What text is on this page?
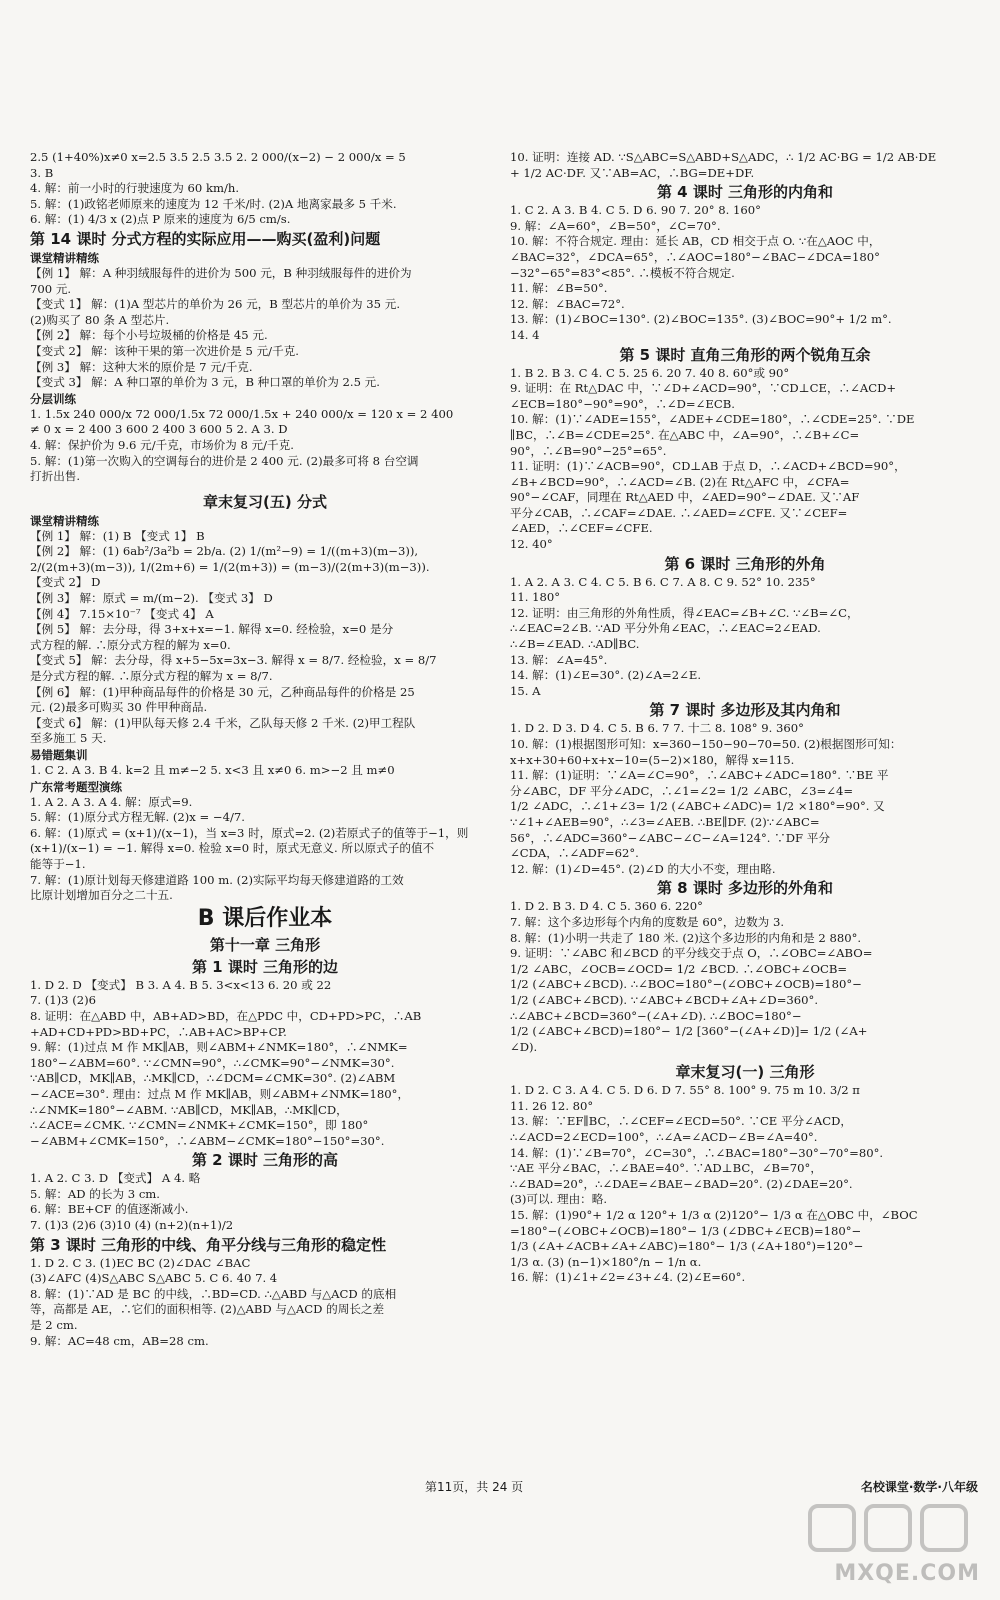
2.5 (1+40%)x≠0 x=2.5 3.5 2.5 3.5 2. 2 000/(x−2) − 2 000/x = 5
3. B
4. 解：前一小时的行驶速度为 60 km/h.
5. 解：(1)政铭老师原来的速度为 12 千米/时. (2)A 地离家最多 5 千米.
6. 解：(1) 4/3 x (2)点 P 原来的速度为 6/5 cm/s.
第 14 课时 分式方程的实际应用——购买(盈利)问题
课堂精讲精练
【例 1】 解：A 种羽绒服每件的进价为 500 元，B 种羽绒服每件的进价为
700 元.
【变式 1】 解：(1)A 型芯片的单价为 26 元，B 型芯片的单价为 35 元.
(2)购买了 80 条 A 型芯片.
【例 2】 解：每个小号垃圾桶的价格是 45 元.
【变式 2】 解：该种干果的第一次进价是 5 元/千克.
【例 3】 解：这种大米的原价是 7 元/千克.
【变式 3】 解：A 种口罩的单价为 3 元，B 种口罩的单价为 2.5 元.
分层训练
1. 1.5x 240 000/x 72 000/1.5x 72 000/1.5x + 240 000/x = 120 x = 2 400
≠ 0 x = 2 400 3 600 2 400 3 600 5 2. A 3. D
4. 解：保护价为 9.6 元/千克，市场价为 8 元/千克.
5. 解：(1)第一次购入的空调每台的进价是 2 400 元. (2)最多可将 8 台空调
打折出售.
章末复习(五) 分式
课堂精讲精练
【例 1】 解：(1) B 【变式 1】 B
【例 2】 解：(1) 6ab²/3a²b = 2b/a. (2) 1/(m²−9) = 1/((m+3)(m−3)),
2/(2(m+3)(m−3)), 1/(2m+6) = 1/(2(m+3)) = (m−3)/(2(m+3)(m−3)).
【变式 2】 D
【例 3】 解：原式 = m/(m−2). 【变式 3】 D
【例 4】 7.15×10⁻⁷ 【变式 4】 A
【例 5】 解：去分母，得 3+x+x=−1. 解得 x=0. 经检验，x=0 是分
式方程的解. ∴原分式方程的解为 x=0.
【变式 5】 解：去分母，得 x+5−5x=3x−3. 解得 x = 8/7. 经检验，x = 8/7
是分式方程的解. ∴原分式方程的解为 x = 8/7.
【例 6】 解：(1)甲种商品每件的价格是 30 元，乙种商品每件的价格是 25
元. (2)最多可购买 30 件甲种商品.
【变式 6】 解：(1)甲队每天修 2.4 千米，乙队每天修 2 千米. (2)甲工程队
至多施工 5 天.
易错题集训
1. C 2. A 3. B 4. k=2 且 m≠−2 5. x<3 且 x≠0 6. m>−2 且 m≠0
广东常考题型演练
1. A 2. A 3. A 4. 解：原式=9.
5. 解：(1)原分式方程无解. (2)x = −4/7.
6. 解：(1)原式 = (x+1)/(x−1)，当 x=3 时，原式=2. (2)若原式子的值等于−1，则
(x+1)/(x−1) = −1. 解得 x=0. 检验 x=0 时，原式无意义. 所以原式子的值不
能等于−1.
7. 解：(1)原计划每天修建道路 100 m. (2)实际平均每天修建道路的工效
比原计划增加百分之二十五.
B 课后作业本
第十一章 三角形
第 1 课时 三角形的边
1. D 2. D 【变式】 B 3. A 4. B 5. 3<x<13 6. 20 或 22
7. (1)3 (2)6
8. 证明：在△ABD 中，AB+AD>BD，在△PDC 中，CD+PD>PC，∴AB
+AD+CD+PD>BD+PC，∴AB+AC>BP+CP.
9. 解：(1)过点 M 作 MK∥AB，则∠ABM+∠NMK=180°，∴∠NMK=
180°−∠ABM=60°. ∵∠CMN=90°，∴∠CMK=90°−∠NMK=30°.
∵AB∥CD，MK∥AB，∴MK∥CD，∴∠DCM=∠CMK=30°. (2)∠ABM
−∠ACE=30°. 理由：过点 M 作 MK∥AB，则∠ABM+∠NMK=180°，
∴∠NMK=180°−∠ABM. ∵AB∥CD，MK∥AB，∴MK∥CD，
∴∠ACE=∠CMK. ∵∠CMN=∠NMK+∠CMK=150°，即 180°
−∠ABM+∠CMK=150°，∴∠ABM−∠CMK=180°−150°=30°.
第 2 课时 三角形的高
1. A 2. C 3. D 【变式】 A 4. 略
5. 解：AD 的长为 3 cm.
6. 解：BE+CF 的值逐渐减小.
7. (1)3 (2)6 (3)10 (4) (n+2)(n+1)/2
第 3 课时 三角形的中线、角平分线与三角形的稳定性
1. D 2. C 3. (1)EC BC (2)∠DAC ∠BAC
(3)∠AFC (4)S△ABC S△ABC 5. C 6. 40 7. 4
8. 解：(1)∵AD 是 BC 的中线，∴BD=CD. ∴△ABD 与△ACD 的底相
等，高都是 AE，∴它们的面积相等. (2)△ABD 与△ACD 的周长之差
是 2 cm.
9. 解：AC=48 cm，AB=28 cm.
10. 证明：连接 AD. ∵S△ABC=S△ABD+S△ADC，∴ 1/2 AC·BG = 1/2 AB·DE
+ 1/2 AC·DF. 又∵AB=AC，∴BG=DE+DF.
第 4 课时 三角形的内角和
1. C 2. A 3. B 4. C 5. D 6. 90 7. 20° 8. 160°
9. 解：∠A=60°，∠B=50°，∠C=70°.
10. 解：不符合规定. 理由：延长 AB，CD 相交于点 O. ∵在△AOC 中，
∠BAC=32°，∠DCA=65°，∴∠AOC=180°−∠BAC−∠DCA=180°
−32°−65°=83°<85°. ∴模板不符合规定.
11. 解：∠B=50°.
12. 解：∠BAC=72°.
13. 解：(1)∠BOC=130°. (2)∠BOC=135°. (3)∠BOC=90°+ 1/2 m°.
14. 4
第 5 课时 直角三角形的两个锐角互余
1. B 2. B 3. C 4. C 5. 25 6. 20 7. 40 8. 60°或 90°
9. 证明：在 Rt△DAC 中，∵∠D+∠ACD=90°，∵CD⊥CE，∴∠ACD+
∠ECB=180°−90°=90°，∴∠D=∠ECB.
10. 解：(1)∵∠ADE=155°，∠ADE+∠CDE=180°，∴∠CDE=25°. ∵DE
∥BC，∴∠B=∠CDE=25°. 在△ABC 中，∠A=90°，∴∠B+∠C=
90°，∴∠B=90°−25°=65°.
11. 证明：(1)∵∠ACB=90°，CD⊥AB 于点 D，∴∠ACD+∠BCD=90°，
∠B+∠BCD=90°，∴∠ACD=∠B. (2)在 Rt△AFC 中，∠CFA=
90°−∠CAF，同理在 Rt△AED 中，∠AED=90°−∠DAE. 又∵AF
平分∠CAB，∴∠CAF=∠DAE. ∴∠AED=∠CFE. 又∵∠CEF=
∠AED，∴∠CEF=∠CFE.
12. 40°
第 6 课时 三角形的外角
1. A 2. A 3. C 4. C 5. B 6. C 7. A 8. C 9. 52° 10. 235°
11. 180°
12. 证明：由三角形的外角性质，得∠EAC=∠B+∠C. ∵∠B=∠C，
∴∠EAC=2∠B. ∵AD 平分外角∠EAC，∴∠EAC=2∠EAD.
∴∠B=∠EAD. ∴AD∥BC.
13. 解：∠A=45°.
14. 解：(1)∠E=30°. (2)∠A=2∠E.
15. A
第 7 课时 多边形及其内角和
1. D 2. D 3. D 4. C 5. B 6. 7 7. 十二 8. 108° 9. 360°
10. 解：(1)根据图形可知：x=360−150−90−70=50. (2)根据图形可知：
x+x+30+60+x+x−10=(5−2)×180，解得 x=115.
11. 解：(1)证明：∵∠A=∠C=90°，∴∠ABC+∠ADC=180°. ∵BE 平
分∠ABC，DF 平分∠ADC，∴∠1=∠2= 1/2 ∠ABC，∠3=∠4=
1/2 ∠ADC，∴∠1+∠3= 1/2 (∠ABC+∠ADC)= 1/2 ×180°=90°. 又
∵∠1+∠AEB=90°，∴∠3=∠AEB. ∴BE∥DF. (2)∵∠ABC=
56°，∴∠ADC=360°−∠ABC−∠C−∠A=124°. ∵DF 平分
∠CDA，∴∠ADF=62°.
12. 解：(1)∠D=45°. (2)∠D 的大小不变，理由略.
第 8 课时 多边形的外角和
1. D 2. B 3. D 4. C 5. 360 6. 220°
7. 解：这个多边形每个内角的度数是 60°，边数为 3.
8. 解：(1)小明一共走了 180 米. (2)这个多边形的内角和是 2 880°.
9. 证明：∵∠ABC 和∠BCD 的平分线交于点 O，∴∠OBC=∠ABO=
1/2 ∠ABC，∠OCB=∠OCD= 1/2 ∠BCD. ∴∠OBC+∠OCB=
1/2 (∠ABC+∠BCD). ∴∠BOC=180°−(∠OBC+∠OCB)=180°−
1/2 (∠ABC+∠BCD). ∵∠ABC+∠BCD+∠A+∠D=360°.
∴∠ABC+∠BCD=360°−(∠A+∠D). ∴∠BOC=180°−
1/2 (∠ABC+∠BCD)=180°− 1/2 [360°−(∠A+∠D)]= 1/2 (∠A+
∠D).
章末复习(一) 三角形
1. D 2. C 3. A 4. C 5. D 6. D 7. 55° 8. 100° 9. 75 m 10. 3/2 π
11. 26 12. 80°
13. 解：∵EF∥BC，∴∠CEF=∠ECD=50°. ∵CE 平分∠ACD，
∴∠ACD=2∠ECD=100°，∴∠A=∠ACD−∠B=∠A=40°.
14. 解：(1)∵∠B=70°，∠C=30°，∴∠BAC=180°−30°−70°=80°.
∵AE 平分∠BAC，∴∠BAE=40°. ∵AD⊥BC，∠B=70°，
∴∠BAD=20°，∴∠DAE=∠BAE−∠BAD=20°. (2)∠DAE=20°.
(3)可以. 理由：略.
15. 解：(1)90°+ 1/2 α 120°+ 1/3 α (2)120°− 1/3 α 在△OBC 中，∠BOC
=180°−(∠OBC+∠OCB)=180°− 1/3 (∠DBC+∠ECB)=180°−
1/3 (∠A+∠ACB+∠A+∠ABC)=180°− 1/3 (∠A+180°)=120°−
1/3 α. (3) (n−1)×180°/n − 1/n α.
16. 解：(1)∠1+∠2=∠3+∠4. (2)∠E=60°.
第11页，共 24 页	名校课堂·数学·八年级
MXQE.COM
